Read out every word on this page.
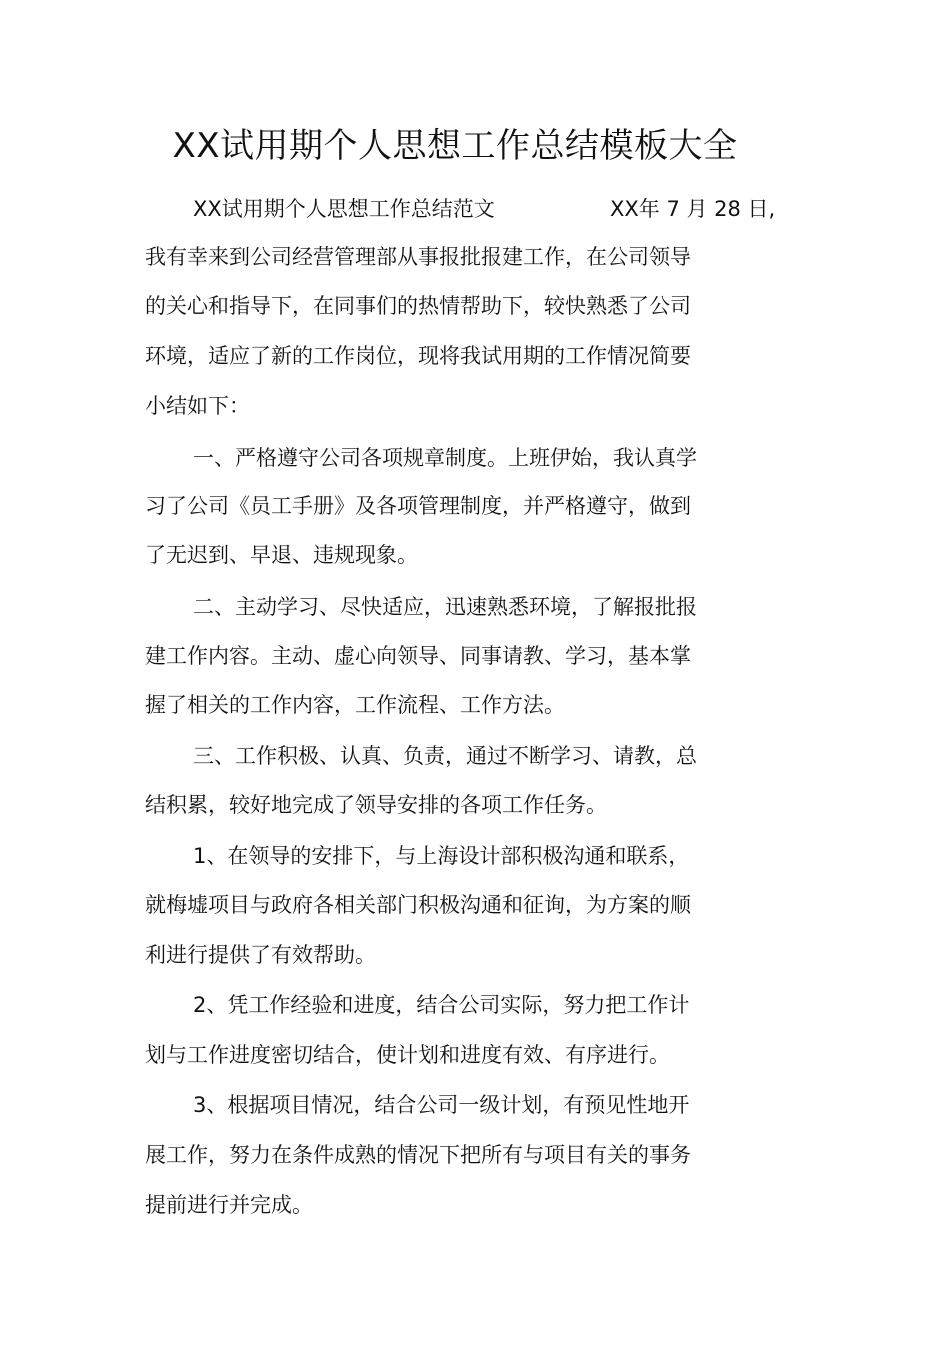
XX试用期个人思想工作总结模板大全
XX试用期个人思想工作总结范文	XX年 7 月 28 日,
我有幸来到公司经营管理部从事报批报建工作，在公司领导
的关心和指导下，在同事们的热情帮助下，较快熟悉了公司
环境，适应了新的工作岗位，现将我试用期的工作情况简要
小结如下：
一、严格遵守公司各项规章制度。上班伊始，我认真学
习了公司《员工手册》及各项管理制度，并严格遵守，做到
了无迟到、早退、违规现象。
二、主动学习、尽快适应，迅速熟悉环境，了解报批报
建工作内容。主动、虚心向领导、同事请教、学习，基本掌
握了相关的工作内容，工作流程、工作方法。
三、工作积极、认真、负责，通过不断学习、请教，总
结积累，较好地完成了领导安排的各项工作任务。
1、在领导的安排下，与上海设计部积极沟通和联系，
就梅墟项目与政府各相关部门积极沟通和征询，为方案的顺
利进行提供了有效帮助。
2、凭工作经验和进度，结合公司实际，努力把工作计
划与工作进度密切结合，使计划和进度有效、有序进行。
3、根据项目情况，结合公司一级计划，有预见性地开
展工作，努力在条件成熟的情况下把所有与项目有关的事务
提前进行并完成。
